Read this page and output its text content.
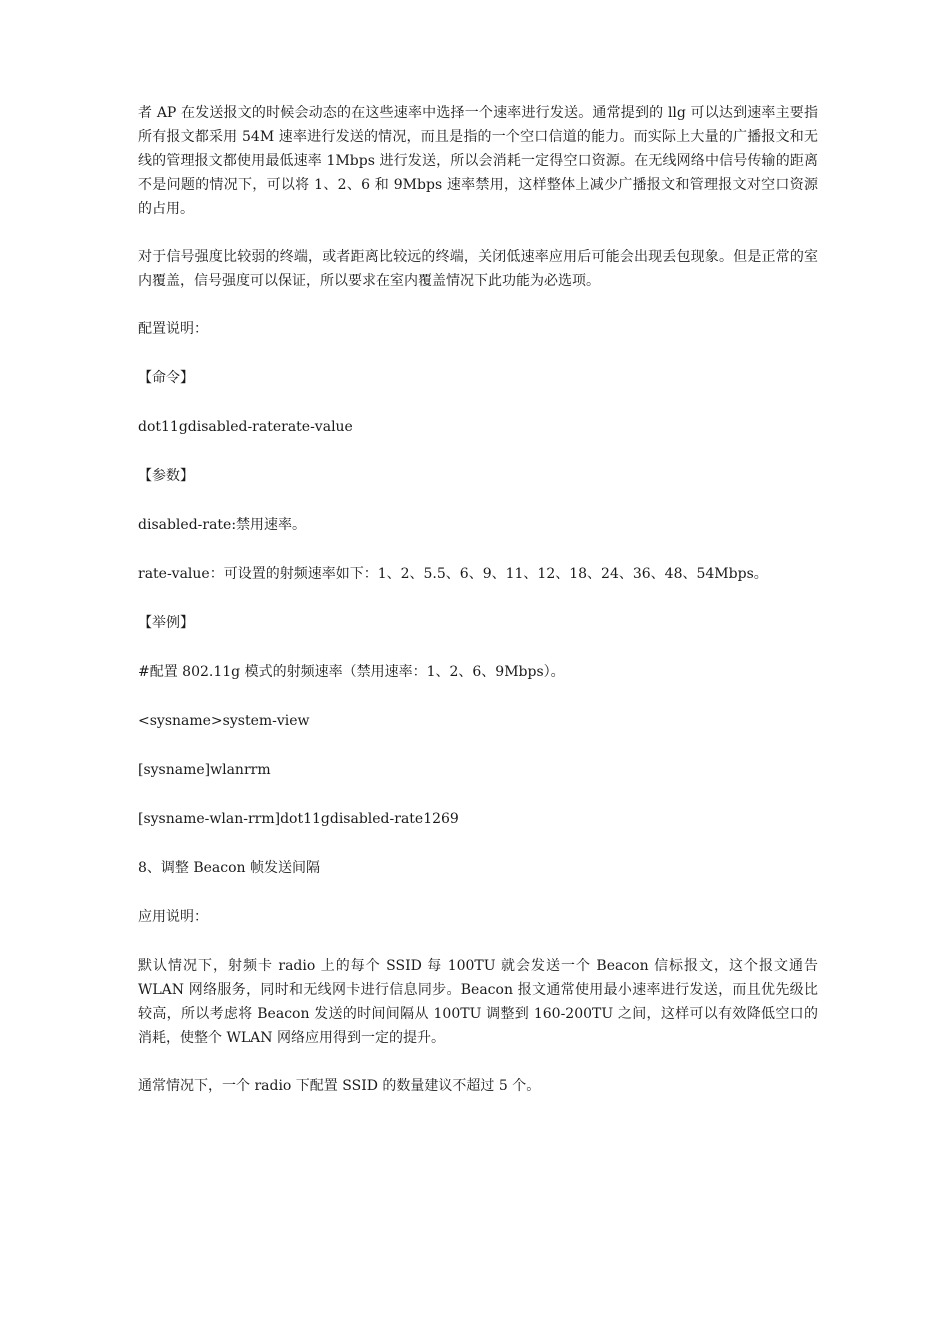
者 AP 在发送报文的时候会动态的在这些速率中选择一个速率进行发送。通常提到的 llg 可以达到速率主要指所有报文都采用 54M 速率进行发送的情况，而且是指的一个空口信道的能力。而实际上大量的广播报文和无线的管理报文都使用最低速率 1Mbps 进行发送，所以会消耗一定得空口资源。在无线网络中信号传输的距离不是问题的情况下，可以将 1、2、6 和 9Mbps 速率禁用，这样整体上减少广播报文和管理报文对空口资源的占用。

对于信号强度比较弱的终端，或者距离比较远的终端，关闭低速率应用后可能会出现丢包现象。但是正常的室内覆盖，信号强度可以保证，所以要求在室内覆盖情况下此功能为必选项。

配置说明：

【命令】

dot11gdisabled-raterate-value

【参数】

disabled-rate:禁用速率。

rate-value：可设置的射频速率如下：1、2、5.5、6、9、11、12、18、24、36、48、54Mbps。

【举例】

#配置 802.11g 模式的射频速率（禁用速率：1、2、6、9Mbps）。

<sysname>system-view

[sysname]wlanrrm

[sysname-wlan-rrm]dot11gdisabled-rate1269

8、调整 Beacon 帧发送间隔

应用说明：

默认情况下，射频卡 radio 上的每个 SSID 每 100TU 就会发送一个 Beacon 信标报文，这个报文通告 WLAN 网络服务，同时和无线网卡进行信息同步。Beacon 报文通常使用最小速率进行发送，而且优先级比较高，所以考虑将 Beacon 发送的时间间隔从 100TU 调整到 160-200TU 之间，这样可以有效降低空口的消耗，使整个 WLAN 网络应用得到一定的提升。

通常情况下，一个 radio 下配置 SSID 的数量建议不超过 5 个。
